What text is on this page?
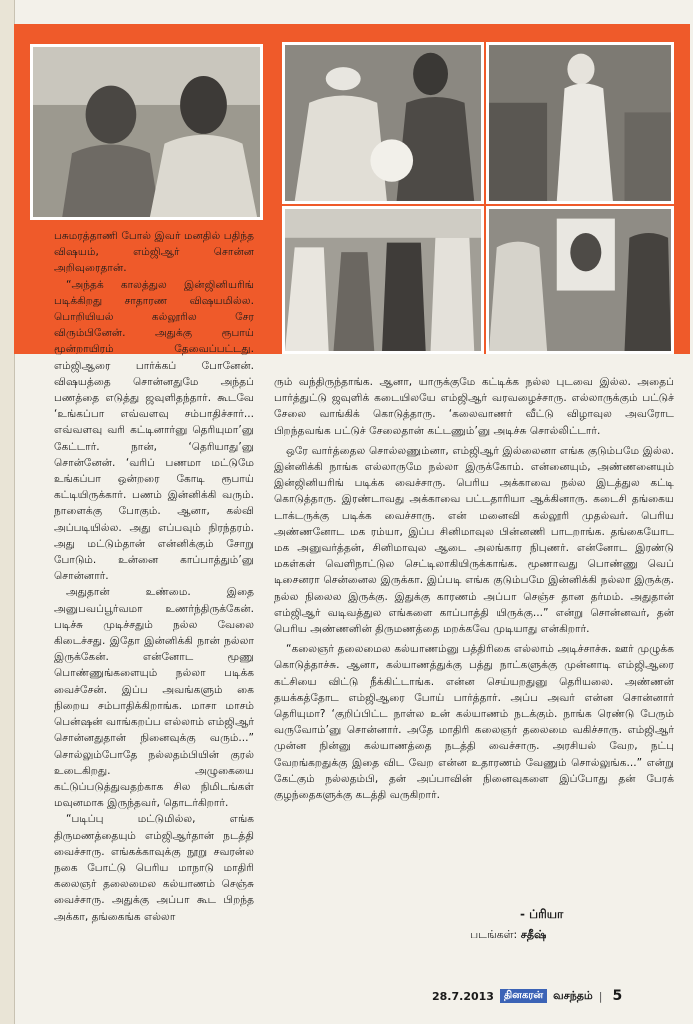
பசுமரத்தாணி போல் இவர் மனதில் பதிந்த விஷயம், எம்ஜிஆர் சொன்ன அறிவுரைதான்.

“அந்தக் காலத்துல இன்ஜினியரிங் படிக்கிறது சாதாரண விஷயமில்ல. பொறியியல் கல்லூரில சேர விரும்பினேன். அதுக்கு ரூபாய் மூன்றாயிரம் தேவைப்பட்டது. எம்ஜிஆரை பார்க்கப் போனேன். விஷயத்தை சொன்னதுமே அந்தப் பணத்தை எடுத்து ஜவுளிதந்தார். கூடவே ‘உங்கப்பா எவ்வளவு சம்பாதிச்சார்... எவ்வளவு வரி கட்டினார்னு தெரியுமா’னு கேட்டார். நான், ‘தெரியாது’னு சொன்னேன். ‘வரிப் பணமா மட்டுமே உங்கப்பா ஒன்றரை கோடி ரூபாய் கட்டியிருக்கார். பணம் இன்னிக்கி வரும். நாளைக்கு போகும். ஆனா, கல்வி அப்படியில்ல. அது எப்பவும் நிரந்தரம். அது மட்டும்தான் என்னிக்கும் சோறு போடும். உன்னை காப்பாத்தும்’னு சொன்னார்.

அதுதான் உண்மை. இதை அனுபவப்பூர்வமா உணர்ந்திருக்கேன். படிச்சு முடிச்சதும் நல்ல வேலை கிடைச்சது. இதோ இன்னிக்கி நான் நல்லா இருக்கேன். என்னோட மூணு பொண்ணுங்களையும் நல்லா படிக்க வைச்சேன். இப்ப அவங்களும் கை நிறைய சம்பாதிக்கிறாங்க. மாசா மாசம் பென்ஷன் வாங்கறப்ப எல்லாம் எம்ஜிஆர் சொன்னதுதான் நினைவுக்கு வரும்...” சொல்லும்போதே நல்லதம்பியின் குரல் உடைகிறது. அழுகையை கட்டுப்படுத்துவதற்காக சில நிமிடங்கள் மவுனமாக இருந்தவர், தொடர்கிறார்.

“படிப்பு மட்டுமில்ல, எங்க திருமணத்தையும் எம்ஜிஆர்தான் நடத்தி வைச்சாரு. எங்கக்காவுக்கு நூறு சவரன்ல நகை போட்டு பெரிய மாநாடு மாதிரி கலைஞர் தலைமைல கல்யாணம் செஞ்சு வைச்சாரு. அதுக்கு அப்பா கூட பிறந்த அக்கா, தங்கைங்க எல்லா

ரும் வந்திருந்தாங்க. ஆனா, யாருக்குமே கட்டிக்க நல்ல புடவை இல்ல. அதைப் பார்த்துட்டு ஜவுளிக் கடையிலயே எம்ஜிஆர் வரவழைச்சாரு. எல்லாருக்கும் பட்டுச் சேலை வாங்கிக் கொடுத்தாரு. ‘கலைவாணர் வீட்டு விழாவுல அவரோட பிறந்தவங்க பட்டுச் சேலைதான் கட்டணும்’னு அடிச்சு சொல்லிட்டார்.

ஒரே வார்த்தைல சொல்லணும்னா, எம்ஜிஆர் இல்லைனா எங்க குடும்பமே இல்ல. இன்னிக்கி நாங்க எல்லாருமே நல்லா இருக்கோம். என்னையும், அண்ணனையும் இன்ஜினியரிங் படிக்க வைச்சாரு. பெரிய அக்காவை நல்ல இடத்துல கட்டி கொடுத்தாரு. இரண்டாவது அக்காவை பட்டதாரியா ஆக்கினாரு. கடைசி தங்கைய டாக்டருக்கு படிக்க வைச்சாரு. என் மனைவி கல்லூரி முதல்வர். பெரிய அண்ணனோட மக ரம்யா, இப்ப சினிமாவுல பின்னணி பாடறாங்க. தங்கையோட மக அனுவர்த்தன், சினிமாவுல ஆடை அலங்கார நிபுணர். என்னோட இரண்டு மகள்கள் வெளிநாட்டுல செட்டிலாகியிருக்காங்க. மூணாவது பொண்ணு வெப் டிசைனரா சென்னைல இருக்கா. இப்படி எங்க குடும்பமே இன்னிக்கி நல்லா இருக்கு. நல்ல நிலைல இருக்கு. இதுக்கு காரணம் அப்பா செஞ்ச தான தர்மம். அதுதான் எம்ஜிஆர் வடிவத்துல எங்களை காப்பாத்தி யிருக்கு...” என்று சொன்னவர், தன் பெரிய அண்ணனின் திருமணத்தை மறக்கவே முடியாது என்கிறார்.

“கலைஞர் தலைமைல கல்யாணம்னு பத்திரிகை எல்லாம் அடிச்சாச்சு. ஊர் முழுக்க கொடுத்தாச்சு. ஆனா, கல்யாணத்துக்கு பத்து நாட்களுக்கு முன்னாடி எம்ஜிஆரை கட்சியை விட்டு நீக்கிட்டாங்க. என்ன செய்யறதுனு தெரியலை. அண்ணன் தயக்கத்தோட எம்ஜிஆரை போய் பார்த்தார். அப்ப அவர் என்ன சொன்னார் தெரியுமா? ‘குறிப்பிட்ட நாள்ல உன் கல்யாணம் நடக்கும். நாங்க ரெண்டு பேரும் வருவோம்’னு சொன்னார். அதே மாதிரி கலைஞர் தலைமை வகிச்சாரு. எம்ஜிஆர் முன்ன நின்னு கல்யாணத்தை நடத்தி வைச்சாரு. அரசியல் வேற, நட்பு வேறங்கறதுக்கு இதை விட வேற என்ன உதாரணம் வேணும் சொல்லுங்க...” என்று கேட்கும் நல்லதம்பி, தன் அப்பாவின் நினைவுகளை இப்போது தன் பேரக் குழந்தைகளுக்கு கடத்தி வருகிறார்.

- ப்ரியா
படங்கள்: சதீஷ்
28.7.2013	தினகரன் வசந்தம் | 5
